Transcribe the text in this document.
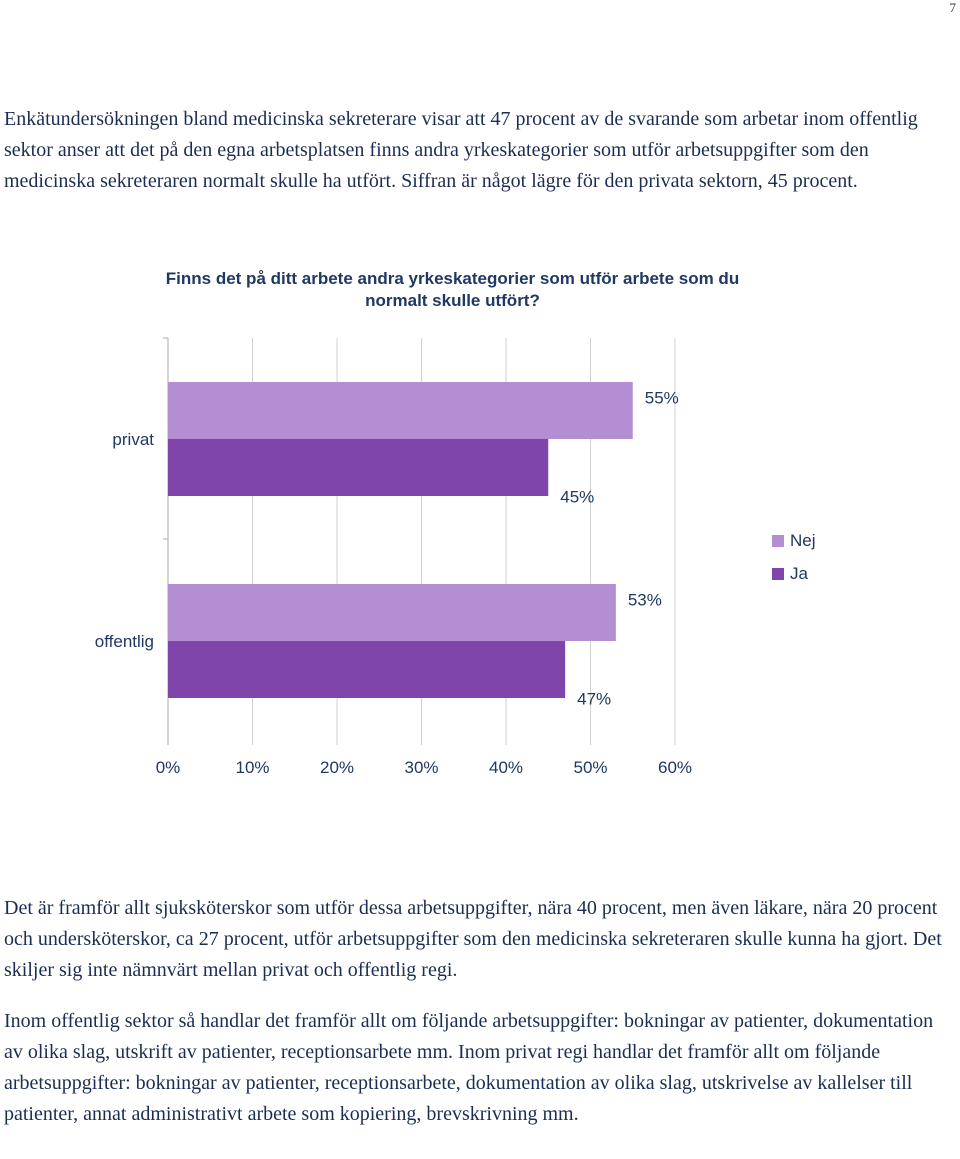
7

Enkätundersökningen bland medicinska sekreterare visar att 47 procent av de svarande som arbetar inom offentlig sektor anser att det på den egna arbetsplatsen finns andra yrkeskategorier som utför arbetsuppgifter som den medicinska sekreteraren normalt skulle ha utfört. Siffran är något lägre för den privata sektorn, 45 procent.

Finns det på ditt arbete andra yrkeskategorier som utför arbete som du normalt skulle utfört?

privat
55%
45%
offentlig
53%
47%
0%	10%	20%	30%	40%	50%	60%
Nej
Ja

Det är framför allt sjuksköterskor som utför dessa arbetsuppgifter, nära 40 procent, men även läkare, nära 20 procent och undersköterskor, ca 27 procent, utför arbetsuppgifter som den medicinska sekreteraren skulle kunna ha gjort. Det skiljer sig inte nämnvärt mellan privat och offentlig regi.

Inom offentlig sektor så handlar det framför allt om följande arbetsuppgifter: bokningar av patienter, dokumentation av olika slag, utskrift av patienter, receptionsarbete mm. Inom privat regi handlar det framför allt om följande arbetsuppgifter: bokningar av patienter, receptionsarbete, dokumentation av olika slag, utskrivelse av kallelser till patienter, annat administrativt arbete som kopiering, brevskrivning mm.
